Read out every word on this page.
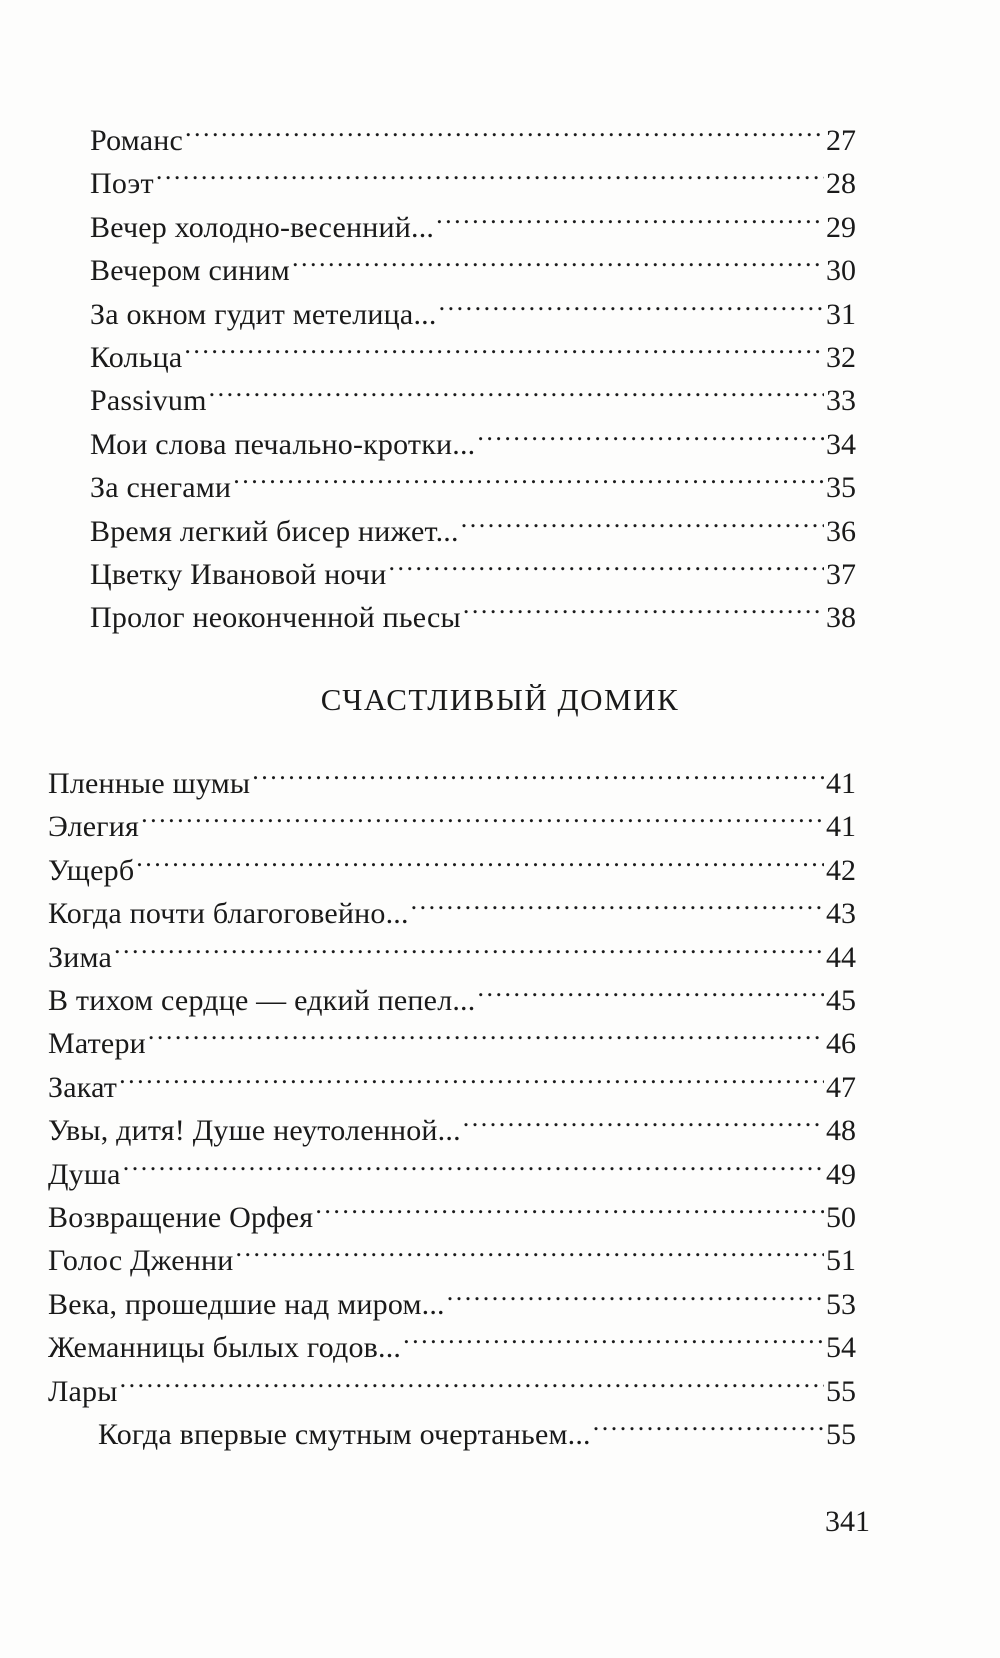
Романс . . .	27
Поэт . . .	28
Вечер холодно-весенний... . . .	29
Вечером синим . . .	30
За окном гудит метелица... . . .	31
Кольца . . .	32
Passivum . . .	33
Мои слова печально-кротки... . . .	34
За снегами . . .	35
Время легкий бисер нижет... . . .	36
Цветку Ивановой ночи . . .	37
Пролог неоконченной пьесы . . .	38
СЧАСТЛИВЫЙ ДОМИК
Пленные шумы . . .	41
Элегия . . .	41
Ущерб . . .	42
Когда почти благоговейно... . . .	43
Зима . . .	44
В тихом сердце — едкий пепел... . . .	45
Матери . . .	46
Закат . . .	47
Увы, дитя! Душе неутоленной... . . .	48
Душа . . .	49
Возвращение Орфея . . .	50
Голос Дженни . . .	51
Века, прошедшие над миром... . . .	53
Жеманницы былых годов... . . .	54
Лары . . .	55
Когда впервые смутным очертаньем... . . .	55
341
